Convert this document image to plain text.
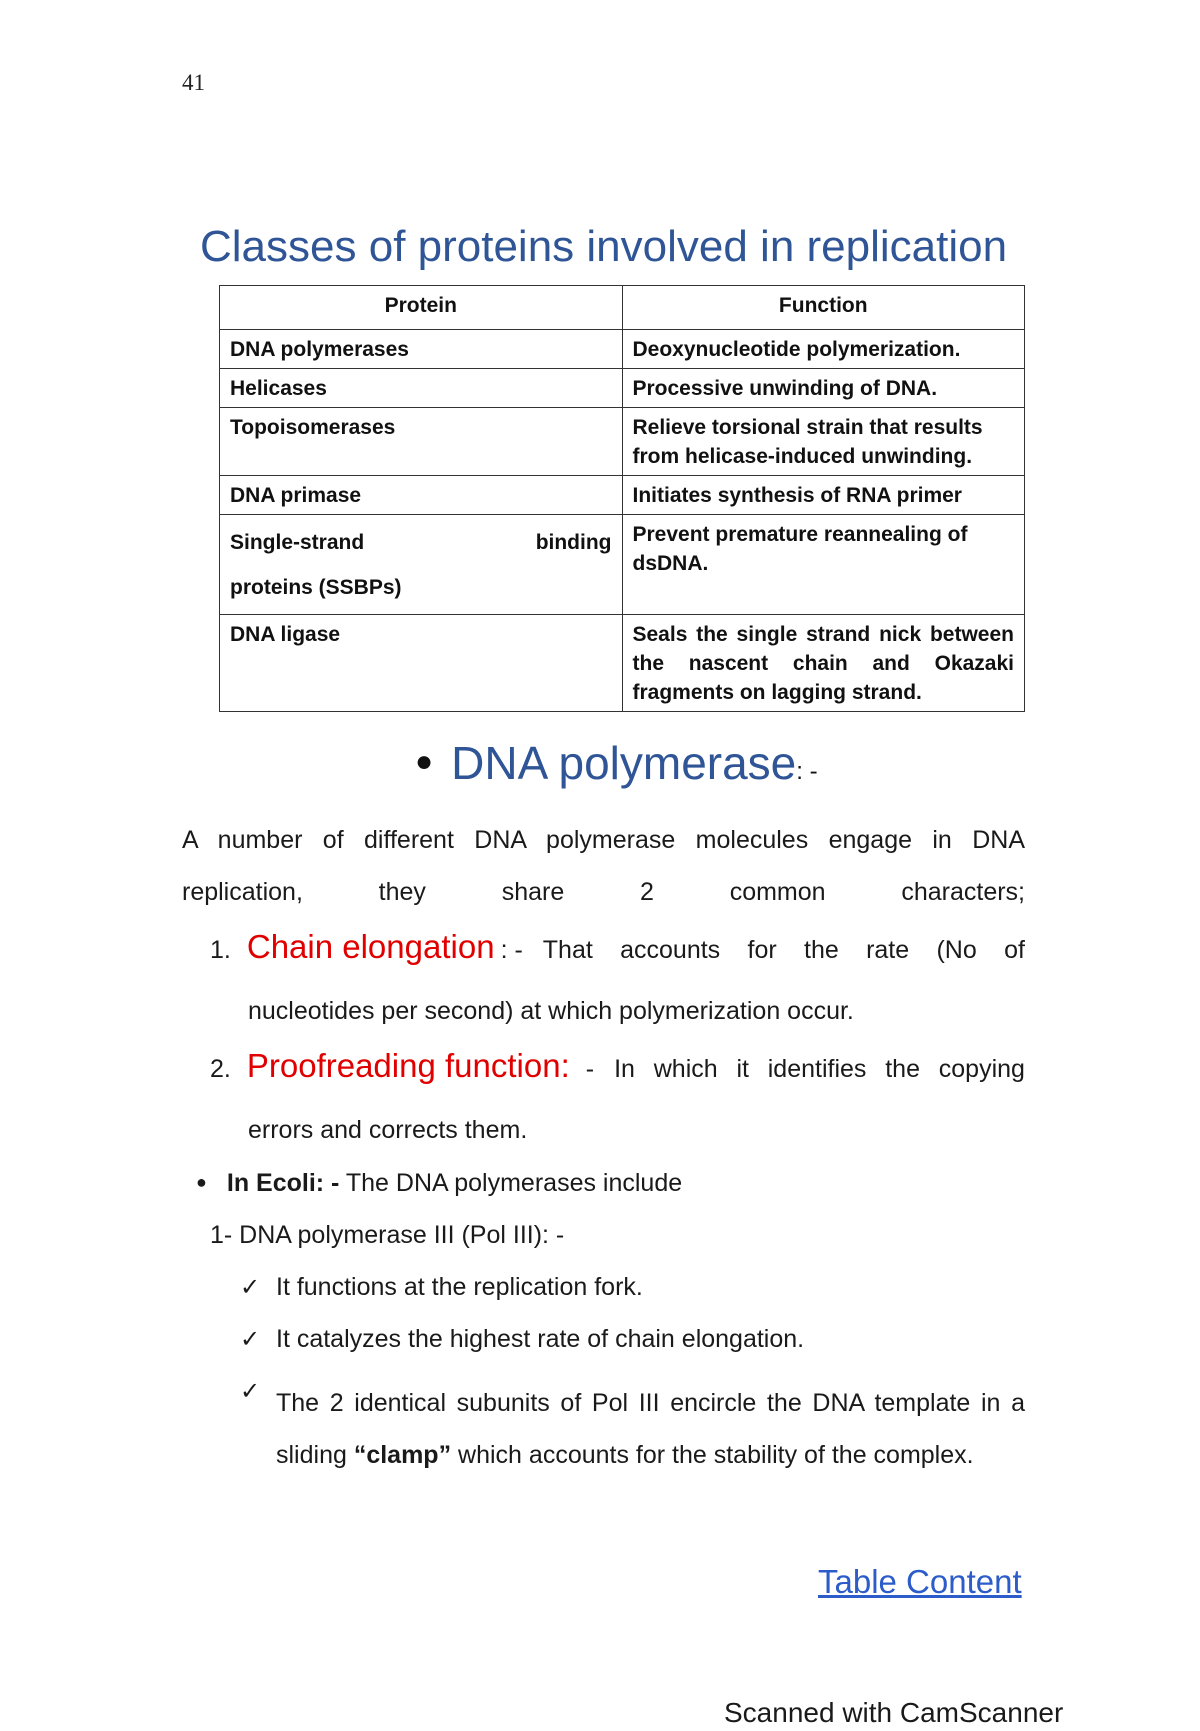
41
Classes of proteins involved in replication
Protein	Function
DNA polymerases	Deoxynucleotide polymerization.
Helicases	Processive unwinding of DNA.
Topoisomerases	Relieve torsional strain that results from helicase-induced unwinding.
DNA primase	Initiates synthesis of RNA primer

Single-strand binding
proteins (SSBPs)	Prevent premature reannealing of dsDNA.
DNA ligase	Seals the single strand nick between the nascent chain and Okazaki fragments on lagging strand.
● DNA polymerase: -
A number of different DNA polymerase molecules engage in DNA replication, they share 2 common characters;
1. Chain elongation : - That accounts for the rate (No of
nucleotides per second) at which polymerization occur.
2. Proofreading function: - In which it identifies the copying
errors and corrects them.
● In Ecoli: - The DNA polymerases include
1- DNA polymerase III (Pol III): -
✓ It functions at the replication fork.
✓ It catalyzes the highest rate of chain elongation.
✓ The 2 identical subunits of Pol III encircle the DNA template in a sliding “clamp” which accounts for the stability of the complex.
Table Content
Scanned with CamScanner
